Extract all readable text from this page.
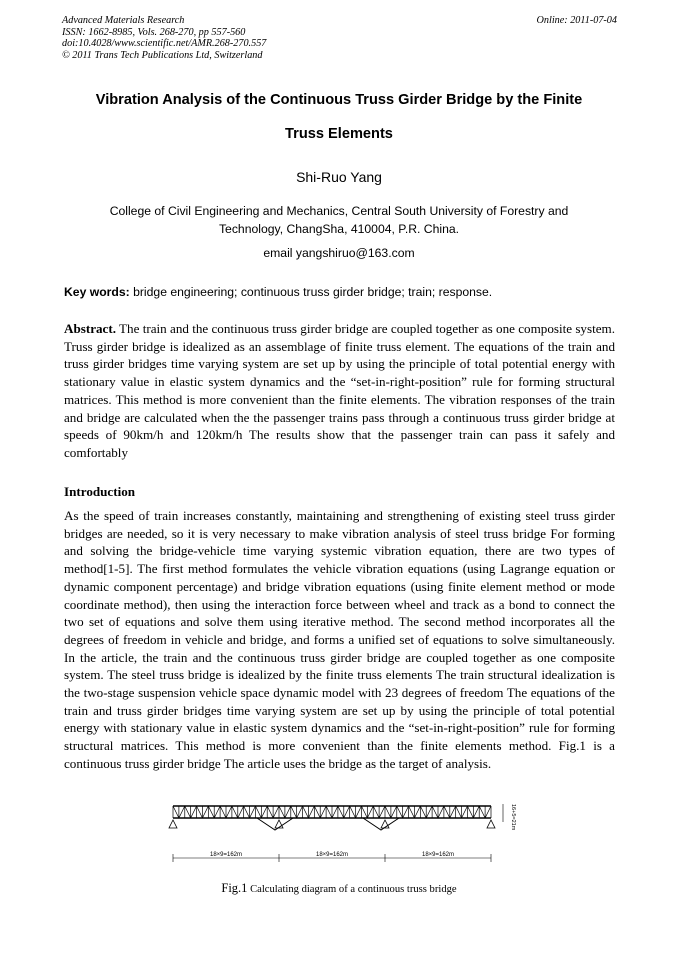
Advanced Materials Research
ISSN: 1662-8985, Vols. 268-270, pp 557-560
doi:10.4028/www.scientific.net/AMR.268-270.557
© 2011 Trans Tech Publications Ltd, Switzerland
Online: 2011-07-04
Vibration Analysis of the Continuous Truss Girder Bridge by the Finite
Truss Elements
Shi-Ruo Yang
College of Civil Engineering and Mechanics, Central South University of Forestry and Technology, ChangSha, 410004, P.R. China.
email yangshiruo@163.com
Key words: bridge engineering; continuous truss girder bridge; train; response.
Abstract. The train and the continuous truss girder bridge are coupled together as one composite system. Truss girder bridge is idealized as an assemblage of finite truss element. The equations of the train and truss girder bridges time varying system are set up by using the principle of total potential energy with stationary value in elastic system dynamics and the “set-in-right-position” rule for forming structural matrices. This method is more convenient than the finite elements. The vibration responses of the train and bridge are calculated when the the passenger trains pass through a continuous truss girder bridge at speeds of 90km/h and 120km/h The results show that the passenger train can pass it safely and comfortably
Introduction
As the speed of train increases constantly, maintaining and strengthening of existing steel truss girder bridges are needed, so it is very necessary to make vibration analysis of steel truss bridge For forming and solving the bridge-vehicle time varying systemic vibration equation, there are two types of method[1-5]. The first method formulates the vehicle vibration equations (using Lagrange equation or dynamic component percentage) and bridge vibration equations (using finite element method or mode coordinate method), then using the interaction force between wheel and track as a bond to connect the two set of equations and solve them using iterative method. The second method incorporates all the degrees of freedom in vehicle and bridge, and forms a unified set of equations to solve simultaneously. In the article, the train and the continuous truss girder bridge are coupled together as one composite system. The steel truss bridge is idealized by the finite truss elements The train structural idealization is the two-stage suspension vehicle space dynamic model with 23 degrees of freedom The equations of the train and truss girder bridges time varying system are set up by using the principle of total potential energy with stationary value in elastic system dynamics and the “set-in-right-position” rule for forming structural matrices. This method is more convenient than the finite elements method. Fig.1 is a continuous truss girder bridge The article uses the bridge as the target of analysis.
16+5=21m
18×9=162m	18×9=162m	18×9=162m
Fig.1 Calculating diagram of a continuous truss bridge
